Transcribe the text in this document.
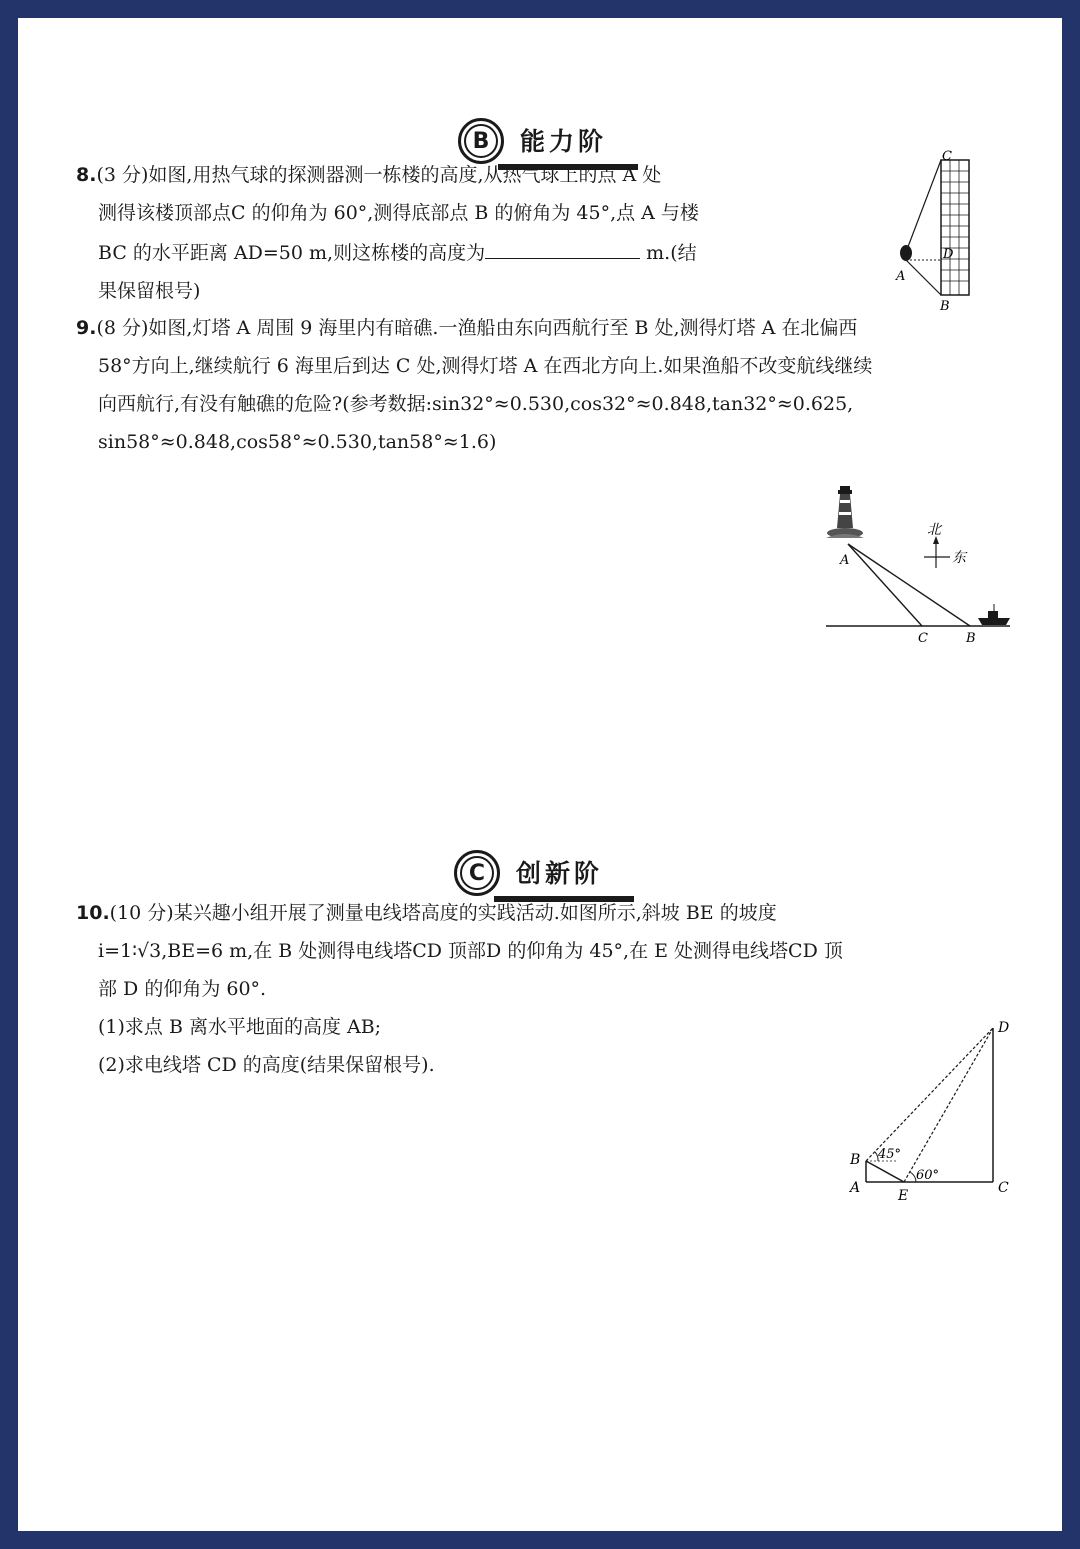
B	能力阶
8.(3 分)如图,用热气球的探测器测一栋楼的高度,从热气球上的点 A 处
测得该楼顶部点C 的仰角为 60°,测得底部点 B 的俯角为 45°,点 A 与楼
BC 的水平距离 AD=50 m,则这栋楼的高度为	m.(结
果保留根号)
C
D
A
B
9.(8 分)如图,灯塔 A 周围 9 海里内有暗礁.一渔船由东向西航行至 B 处,测得灯塔 A 在北偏西
58°方向上,继续航行 6 海里后到达 C 处,测得灯塔 A 在西北方向上.如果渔船不改变航线继续
向西航行,有没有触礁的危险?(参考数据:sin32°≈0.530,cos32°≈0.848,tan32°≈0.625,
sin58°≈0.848,cos58°≈0.530,tan58°≈1.6)
北
东
A
C	B
C	创新阶
10.(10 分)某兴趣小组开展了测量电线塔高度的实践活动.如图所示,斜坡 BE 的坡度
i=1∶√3,BE=6 m,在 B 处测得电线塔CD 顶部D 的仰角为 45°,在 E 处测得电线塔CD 顶
部 D 的仰角为 60°.
(1)求点 B 离水平地面的高度 AB;
(2)求电线塔 CD 的高度(结果保留根号).
45°
60°
D
B
A	E	C
